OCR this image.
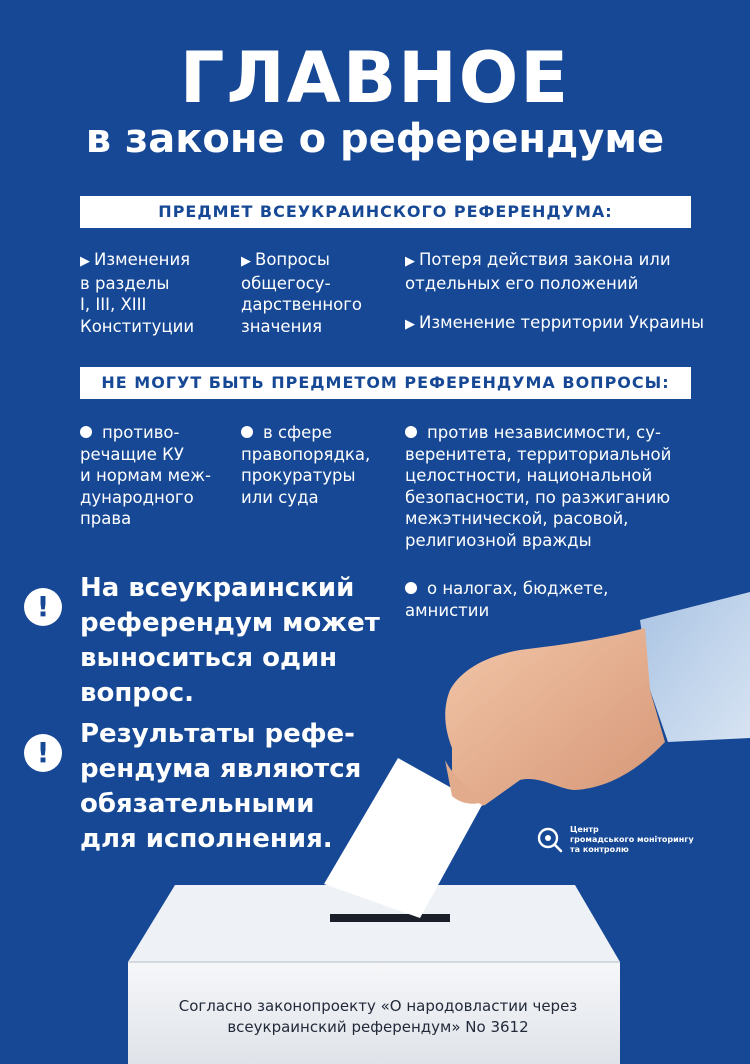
ГЛАВНОЕ
в законе о референдуме
ПРЕДМЕТ ВСЕУКРАИНСКОГО РЕФЕРЕНДУМА:
▶ Изменения
в разделы
I, III, XIII
Конституции
▶ Вопросы
общегосу-
дарственного
значения
▶ Потеря действия закона или
отдельных его положений
▶ Изменение территории Украины
НЕ МОГУТ БЫТЬ ПРЕДМЕТОМ РЕФЕРЕНДУМА ВОПРОСЫ:
противо-
речащие КУ
и нормам меж-
дународного
права
в сфере
правопорядка,
прокуратуры
или суда
против независимости, су-
веренитета, территориальной
целостности, национальной
безопасности, по разжиганию
межэтнической, расовой,
религиозной вражды
о налогах, бюджете,
амнистии
!
На всеукраинский
референдум может
выноситься один
вопрос.
!
Результаты рефе-
рендума являются
обязательными
для исполнения.	Центр
громадського моніторингу
та контролю
Согласно законопроекту «О народовластии через
всеукраинский референдум» No 3612
